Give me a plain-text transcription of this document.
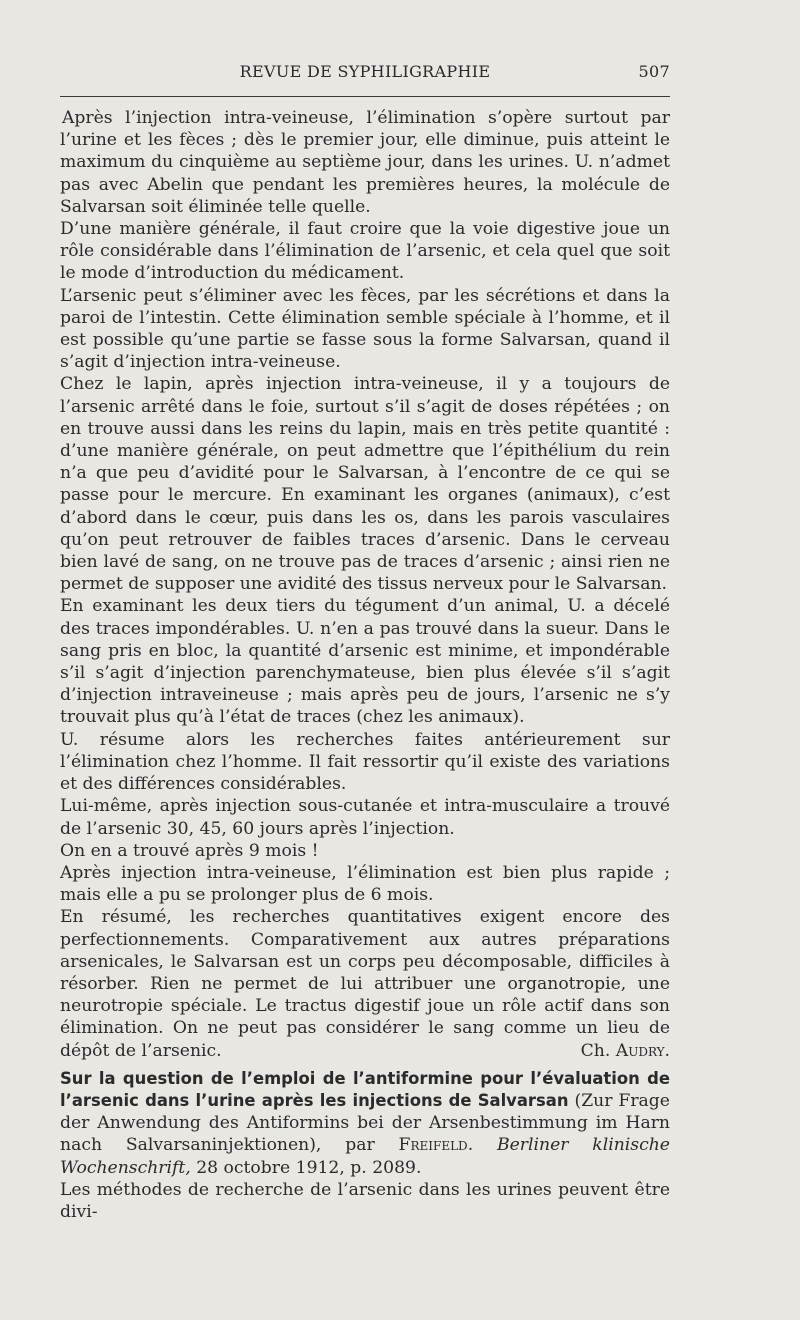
REVUE DE SYPHILIGRAPHIE	507

Après l’injection intra-veineuse, l’élimination s’opère surtout par l’urine et les fèces ; dès le premier jour, elle diminue, puis atteint le maximum du cinquième au septième jour, dans les urines. U. n’admet pas avec Abelin que pendant les premières heures, la molécule de Salvarsan soit éliminée telle quelle.

D’une manière générale, il faut croire que la voie digestive joue un rôle considérable dans l’élimination de l’arsenic, et cela quel que soit le mode d’introduction du médicament.

L’arsenic peut s’éliminer avec les fèces, par les sécrétions et dans la paroi de l’intestin. Cette élimination semble spéciale à l’homme, et il est possible qu’une partie se fasse sous la forme Salvarsan, quand il s’agit d’injection intra-veineuse.

Chez le lapin, après injection intra-veineuse, il y a toujours de l’arsenic arrêté dans le foie, surtout s’il s’agit de doses répétées ; on en trouve aussi dans les reins du lapin, mais en très petite quantité : d’une manière générale, on peut admettre que l’épithélium du rein n’a que peu d’avidité pour le Salvarsan, à l’encontre de ce qui se passe pour le mercure. En examinant les organes (animaux), c’est d’abord dans le cœur, puis dans les os, dans les parois vasculaires qu’on peut retrouver de faibles traces d’arsenic. Dans le cerveau bien lavé de sang, on ne trouve pas de traces d’arsenic ; ainsi rien ne permet de supposer une avidité des tissus nerveux pour le Salvarsan.

En examinant les deux tiers du tégument d’un animal, U. a décelé des traces impondérables. U. n’en a pas trouvé dans la sueur. Dans le sang pris en bloc, la quantité d’arsenic est minime, et impondérable s’il s’agit d’injection parenchymateuse, bien plus élevée s’il s’agit d’injection intraveineuse ; mais après peu de jours, l’arsenic ne s’y trouvait plus qu’à l’état de traces (chez les animaux).

U. résume alors les recherches faites antérieurement sur l’élimination chez l’homme. Il fait ressortir qu’il existe des variations et des différences considérables.

Lui-même, après injection sous-cutanée et intra-musculaire a trouvé de l’arsenic 30, 45, 60 jours après l’injection.

On en a trouvé après 9 mois !

Après injection intra-veineuse, l’élimination est bien plus rapide ; mais elle a pu se prolonger plus de 6 mois.

En résumé, les recherches quantitatives exigent encore des perfectionnements. Comparativement aux autres préparations arsenicales, le Salvarsan est un corps peu décomposable, difficiles à résorber. Rien ne permet de lui attribuer une organotropie, une neurotropie spéciale. Le tractus digestif joue un rôle actif dans son élimination. On ne peut pas considérer le sang comme un lieu de dépôt de l’arsenic.	Ch. Audry.

Sur la question de l’emploi de l’antiformine pour l’évaluation de l’arsenic dans l’urine après les injections de Salvarsan (Zur Frage der Anwendung des Antiformins bei der Arsenbestimmung im Harn nach Salvarsaninjektionen), par Freifeld. Berliner klinische Wochenschrift, 28 octobre 1912, p. 2089.

Les méthodes de recherche de l’arsenic dans les urines peuvent être divi-
